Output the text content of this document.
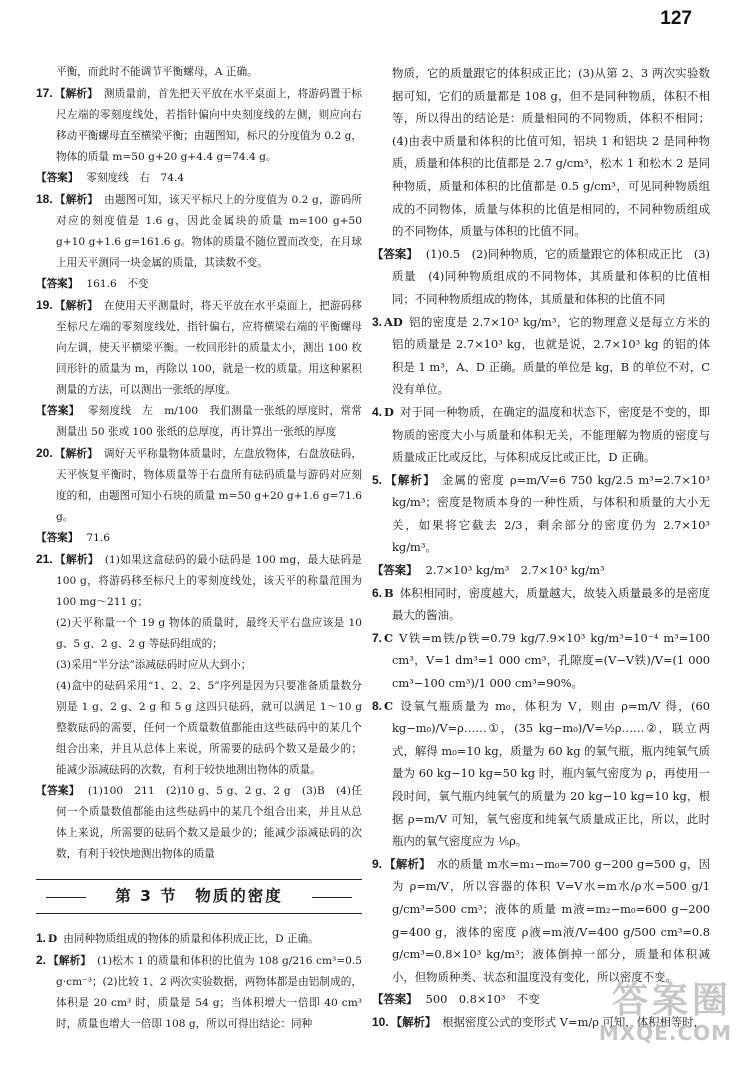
127

平衡，而此时不能调节平衡螺母，A 正确。

17. 【解析】 测质量前，首先把天平放在水平桌面上，将游码置于标尺左端的零刻度线处，若指针偏向中央刻度线的左侧，则应向右移动平衡螺母直至横梁平衡；由题图知，标尺的分度值为 0.2 g，物体的质量 m=50 g+20 g+4.4 g=74.4 g。

【答案】 零刻度线　右　74.4

18. 【解析】 由题图可知，该天平标尺上的分度值为 0.2 g，游码所对应的刻度值是 1.6 g，因此金属块的质量 m=100 g+50 g+10 g+1.6 g=161.6 g。物体的质量不随位置而改变，在月球上用天平测同一块金属的质量，其读数不变。

【答案】 161.6　不变

19. 【解析】 在使用天平测量时，将天平放在水平桌面上，把游码移至标尺左端的零刻度线处，指针偏右，应将横梁右端的平衡螺母向左调，使天平横梁平衡。一枚回形针的质量太小，测出 100 枚回形针的质量为 m，再除以 100，就是一枚的质量。用这种累积测量的方法，可以测出一张纸的厚度。

【答案】 零刻度线　左　m/100　我们测量一张纸的厚度时，常常测量出 50 张或 100 张纸的总厚度，再计算出一张纸的厚度

20. 【解析】 调好天平称量物体质量时，左盘放物体，右盘放砝码，天平恢复平衡时，物体质量等于右盘所有砝码质量与游码对应刻度的和，由题图可知小石块的质量 m=50 g+20 g+1.6 g=71.6 g。

【答案】 71.6

21. 【解析】 (1)如果这盒砝码的最小砝码是 100 mg，最大砝码是 100 g，将游码移至标尺上的零刻度线处，该天平的称量范围为 100 mg～211 g；

(2)天平称量一个 19 g 物体的质量时，最终天平右盘应该是 10 g、5 g、2 g、2 g 等砝码组成的；

(3)采用“半分法”添减砝码时应从大到小；

(4)盒中的砝码采用“1、2、2、5”序列是因为只要准备质量数分别是 1 g、2 g、2 g 和 5 g 这四只砝码，就可以满足 1～10 g 整数砝码的需要，任何一个质量数值都能由这些砝码中的某几个组合出来，并且从总体上来说，所需要的砝码个数又是最少的；能减少添减砝码的次数，有利于较快地测出物体的质量。

【答案】 (1)100　211　(2)10 g、5 g、2 g、2 g　(3)B　(4)任何一个质量数值都能由这些砝码中的某几个组合出来，并且从总体上来说，所需要的砝码个数又是最少的；能减少添减砝码的次数，有利于较快地测出物体的质量

第 3 节　物质的密度

1. D 由同种物质组成的物体的质量和体积成正比，D 正确。

2. 【解析】 (1)松木 1 的质量和体积的比值为 108 g/216 cm³=0.5 g·cm⁻³；(2)比较 1、2 两次实验数据，两物体都是由铝制成的，体积是 20 cm³ 时，质量是 54 g；当体积增大一倍即 40 cm³ 时，质量也增大一倍即 108 g，所以可得出结论：同种

物质，它的质量跟它的体积成正比；(3)从第 2、3 两次实验数据可知，它们的质量都是 108 g，但不是同种物质，体积不相等，所以得出的结论是：质量相同的不同物质，体积不相同；(4)由表中质量和体积的比值可知，铝块 1 和铝块 2 是同种物质，质量和体积的比值都是 2.7 g/cm³，松木 1 和松木 2 是同种物质，质量和体积的比值都是 0.5 g/cm³，可见同种物质组成的不同物体，质量与体积的比值是相同的，不同种物质组成的不同物体，质量与体积的比值不同。

【答案】 (1)0.5　(2)同种物质，它的质量跟它的体积成正比　(3)质量　(4)同种物质组成的不同物体，其质量和体积的比值相同；不同种物质组成的物体，其质量和体积的比值不同

3. AD 铝的密度是 2.7×10³ kg/m³，它的物理意义是每立方米的铝的质量是 2.7×10³ kg，也就是说，2.7×10³ kg 的铝的体积是 1 m³，A、D 正确。质量的单位是 kg，B 的单位不对，C 没有单位。

4. D 对于同一种物质，在确定的温度和状态下，密度是不变的，即物质的密度大小与质量和体积无关，不能理解为物质的密度与质量成正比或反比，与体积成反比或正比，D 正确。

5. 【解析】 金属的密度 ρ=m/V=6 750 kg/2.5 m³=2.7×10³ kg/m³；密度是物质本身的一种性质，与体积和质量的大小无关，如果将它截去 2/3，剩余部分的密度仍为 2.7×10³ kg/m³。

【答案】 2.7×10³ kg/m³　2.7×10³ kg/m³

6. B 体积相同时，密度越大，质量越大，故装入质量最多的是密度最大的酱油。

7. C V铁=m铁/ρ铁=0.79 kg/7.9×10³ kg/m³=10⁻⁴ m³=100 cm³，V=1 dm³=1 000 cm³，孔隙度=(V−V铁)/V=(1 000 cm³−100 cm³)/1 000 cm³=90%。

8. C 设氧气瓶质量为 m₀，体积为 V，则由 ρ=m/V 得，(60 kg−m₀)/V=ρ……①，(35 kg−m₀)/V=½ρ……②，联立两式，解得 m₀=10 kg，质量为 60 kg 的氧气瓶，瓶内纯氧气质量为 60 kg−10 kg=50 kg 时，瓶内氧气密度为 ρ，再使用一段时间，氧气瓶内纯氧气的质量为 20 kg−10 kg=10 kg，根据 ρ=m/V 可知，氧气密度和纯氧气质量成正比，所以，此时瓶内的氧气密度应为 ⅕ρ。

9. 【解析】 水的质量 m水=m₁−m₀=700 g−200 g=500 g，因为 ρ=m/V，所以容器的体积 V=V水=m水/ρ水=500 g/1 g/cm³=500 cm³；液体的质量 m液=m₂−m₀=600 g−200 g=400 g，液体的密度 ρ液=m液/V=400 g/500 cm³=0.8 g/cm³=0.8×10³ kg/m³；液体倒掉一部分，质量和体积减小，但物质种类、状态和温度没有变化，所以密度不变。

【答案】 500　0.8×10³　不变

10. 【解析】 根据密度公式的变形式 V=m/ρ 可知，体积相等时，

答案圈
MXQE.COM
